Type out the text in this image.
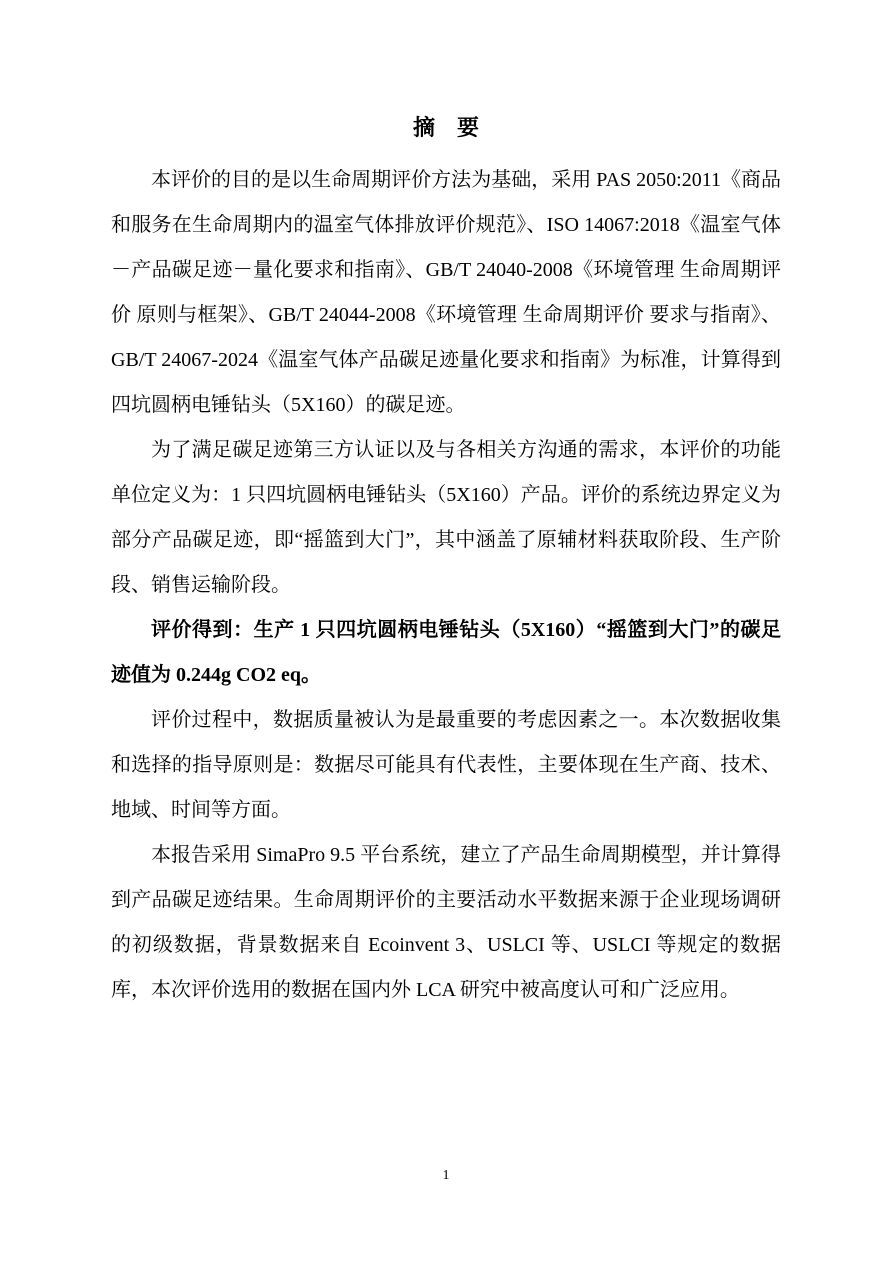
摘　要

本评价的目的是以生命周期评价方法为基础，采用 PAS 2050:2011《商品和服务在生命周期内的温室气体排放评价规范》、ISO 14067:2018《温室气体－产品碳足迹－量化要求和指南》、GB/T 24040-2008《环境管理 生命周期评价 原则与框架》、GB/T 24044-2008《环境管理 生命周期评价 要求与指南》、GB/T 24067-2024《温室气体产品碳足迹量化要求和指南》为标准，计算得到四坑圆柄电锤钻头（5X160）的碳足迹。

为了满足碳足迹第三方认证以及与各相关方沟通的需求，本评价的功能单位定义为：1 只四坑圆柄电锤钻头（5X160）产品。评价的系统边界定义为部分产品碳足迹，即“摇篮到大门”，其中涵盖了原辅材料获取阶段、生产阶段、销售运输阶段。

评价得到：生产 1 只四坑圆柄电锤钻头（5X160）“摇篮到大门”的碳足迹值为 0.244g CO2 eq。

评价过程中，数据质量被认为是最重要的考虑因素之一。本次数据收集和选择的指导原则是：数据尽可能具有代表性，主要体现在生产商、技术、地域、时间等方面。

本报告采用 SimaPro 9.5 平台系统，建立了产品生命周期模型，并计算得到产品碳足迹结果。生命周期评价的主要活动水平数据来源于企业现场调研的初级数据，背景数据来自 Ecoinvent 3、USLCI 等、USLCI 等规定的数据库，本次评价选用的数据在国内外 LCA 研究中被高度认可和广泛应用。

1
